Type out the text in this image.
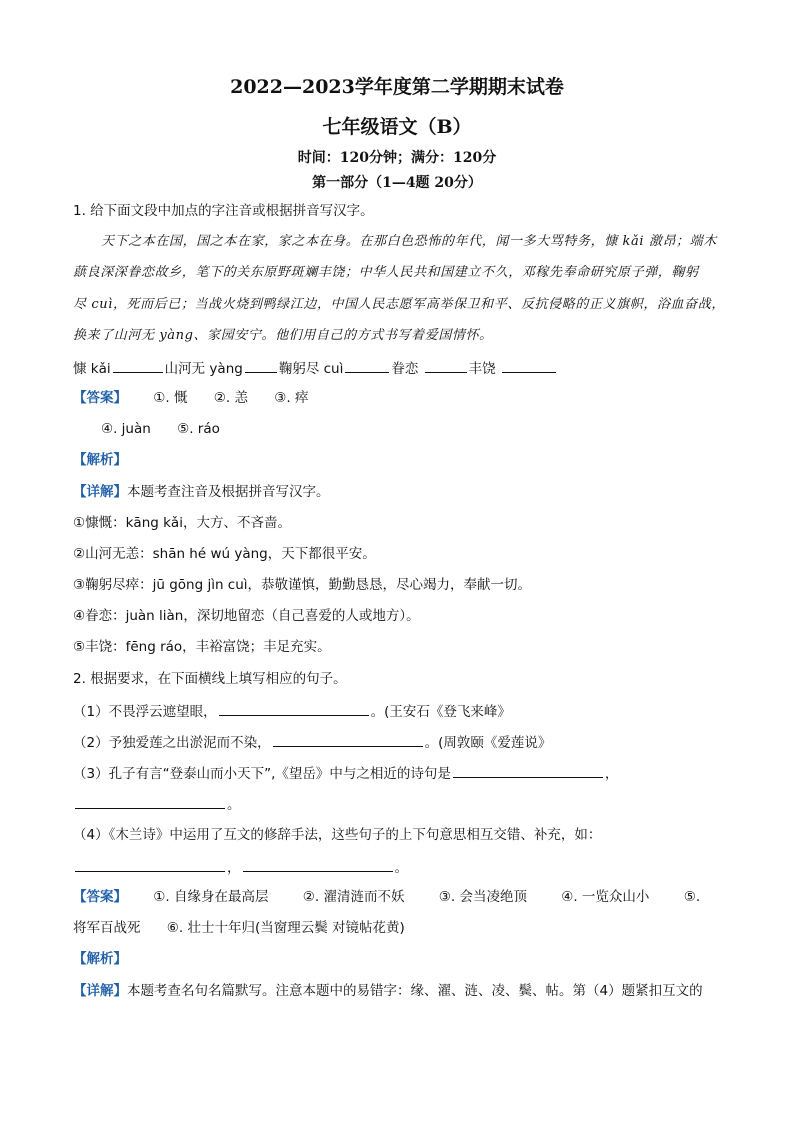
2022—2023学年度第二学期期末试卷
七年级语文（B）
时间：120分钟；满分：120分
第一部分（1—4题 20分）
1. 给下面文段中加点的字注音或根据拼音写汉字。
天下之本在国，国之本在家，家之本在身。在那白色恐怖的年代，闻一多大骂特务，慷 kǎi 激昂；端木
蕻良深深眷恋故乡，笔下的关东原野斑斓丰饶；中华人民共和国建立不久，邓稼先奉命研究原子弹，鞠躬
尽 cuì，死而后已；当战火烧到鸭绿江边，中国人民志愿军高举保卫和平、反抗侵略的正义旗帜，浴血奋战，
换来了山河无 yàng、家园安宁。他们用自己的方式书写着爱国情怀。
慷 kǎi	山河无 yàng	鞠躬尽 cuì	眷恋	丰饶
【答案】 ①. 慨 ②. 恙 ③. 瘁
④. juàn ⑤. ráo
【解析】
【详解】本题考查注音及根据拼音写汉字。
①慷慨：kāng kǎi，大方、不吝啬。
②山河无恙：shān hé wú yàng，天下都很平安。
③鞠躬尽瘁：jū gōng jìn cuì，恭敬谨慎，勤勤恳恳，尽心竭力，奉献一切。
④眷恋：juàn liàn，深切地留恋（自己喜爱的人或地方）。
⑤丰饶：fēng ráo，丰裕富饶；丰足充实。
2. 根据要求，在下面横线上填写相应的句子。
（1）不畏浮云遮望眼，	。(王安石《登飞来峰》
（2）予独爱莲之出淤泥而不染，	。(周敦颐《爱莲说》
（3）孔子有言“登泰山而小天下”,《望岳》中与之相近的诗句是	，
。
（4）《木兰诗》中运用了互文的修辞手法，这些句子的上下句意思相互交错、补充，如：
，	。
【答案】 ①. 自缘身在最高层	②. 濯清涟而不妖	③. 会当凌绝顶	④. 一览众山小	⑤.
将军百战死 ⑥. 壮士十年归(当窗理云鬓 对镜帖花黄)
【解析】
【详解】本题考查名句名篇默写。注意本题中的易错字：缘、濯、涟、凌、鬓、帖。第（4）题紧扣互文的
